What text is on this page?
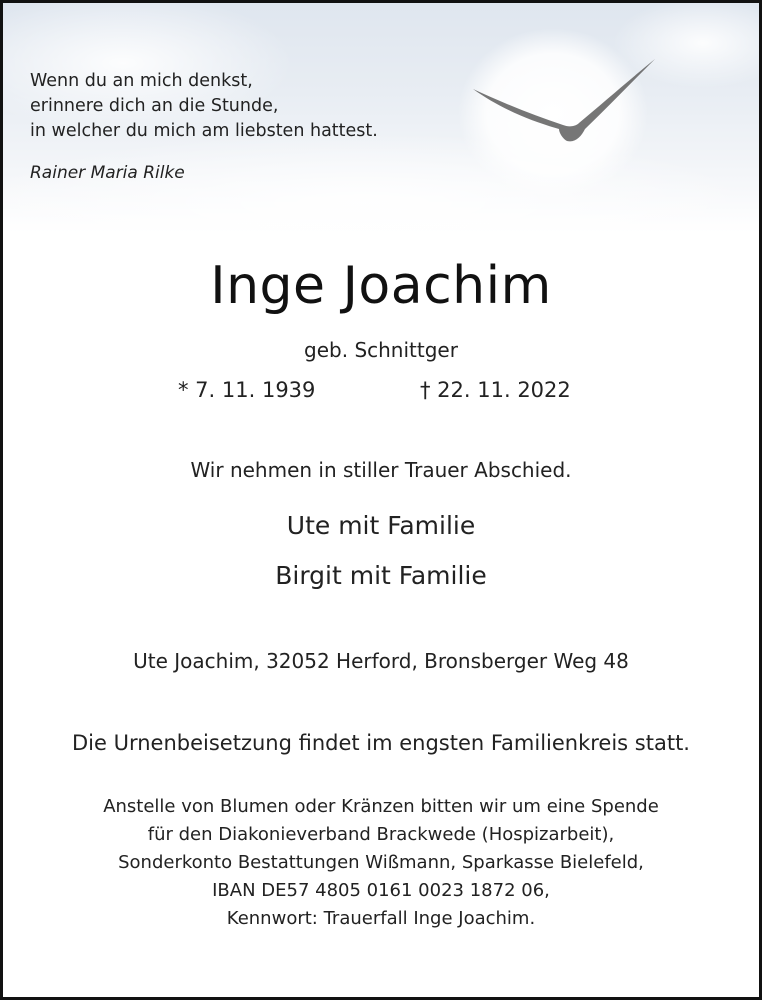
Wenn du an mich denkst,
erinnere dich an die Stunde,
in welcher du mich am liebsten hattest.
Rainer Maria Rilke
Inge Joachim
geb. Schnittger
* 7. 11. 1939	† 22. 11. 2022
Wir nehmen in stiller Trauer Abschied.
Ute mit Familie
Birgit mit Familie
Ute Joachim, 32052 Herford, Bronsberger Weg 48
Die Urnenbeisetzung findet im engsten Familienkreis statt.
Anstelle von Blumen oder Kränzen bitten wir um eine Spende
für den Diakonieverband Brackwede (Hospizarbeit),
Sonderkonto Bestattungen Wißmann, Sparkasse Bielefeld,
IBAN DE57 4805 0161 0023 1872 06,
Kennwort: Trauerfall Inge Joachim.
